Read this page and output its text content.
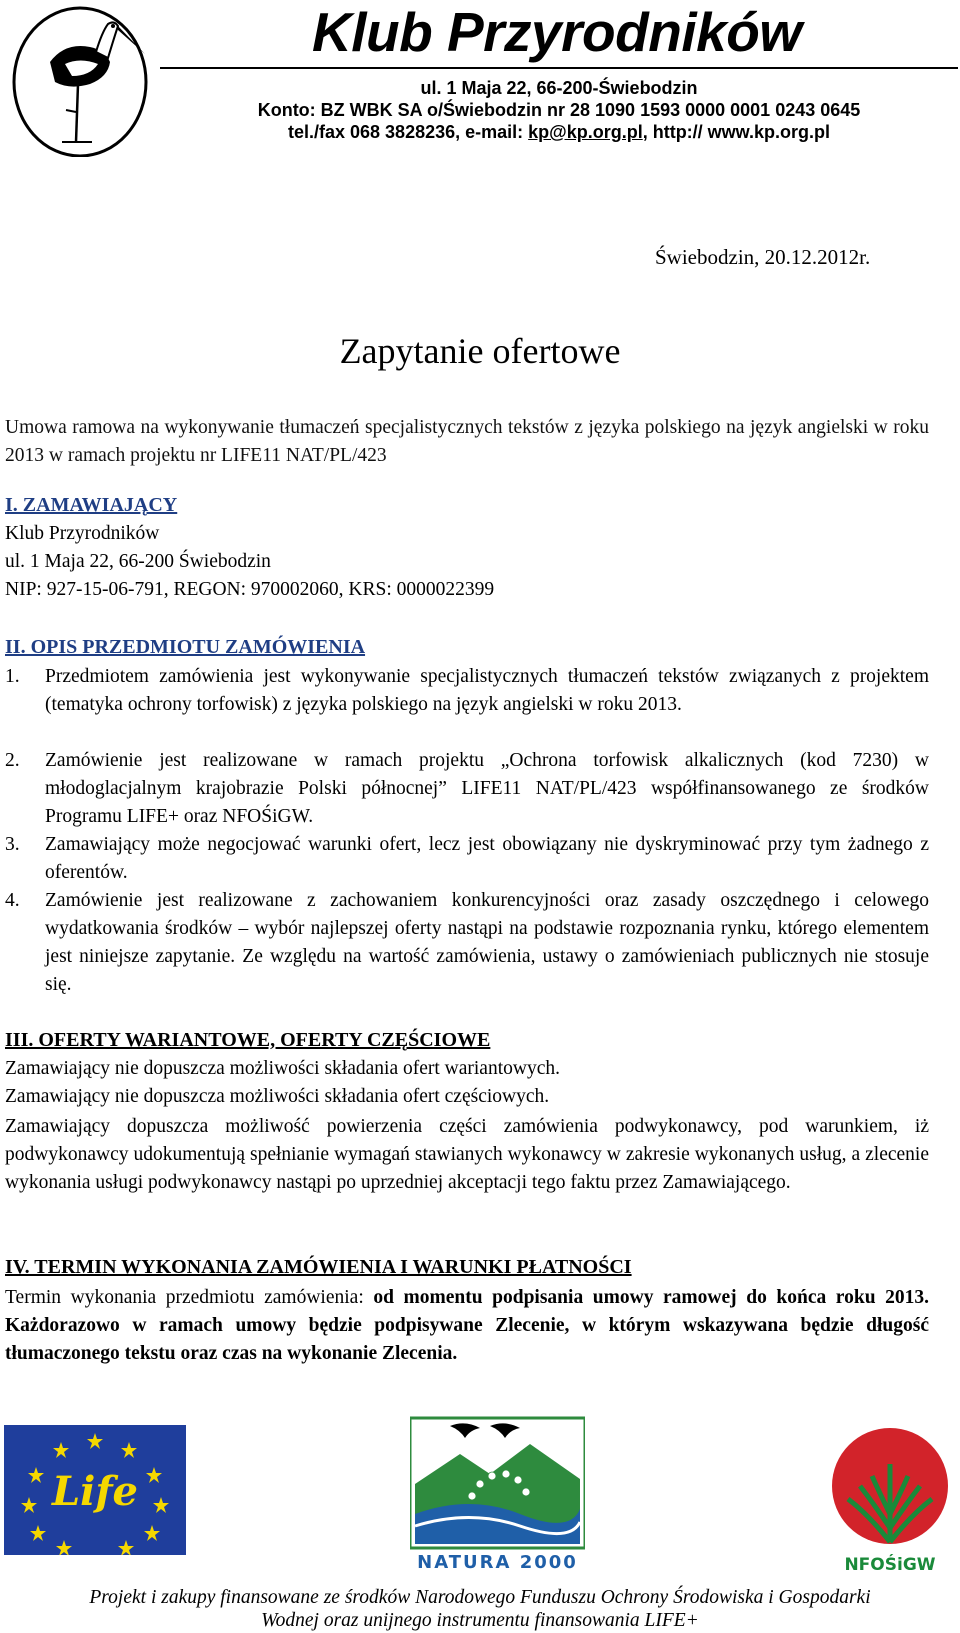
Klub Przyrodników
ul. 1 Maja 22, 66-200-Świebodzin
Konto: BZ WBK SA o/Świebodzin nr 28 1090 1593 0000 0001 0243 0645
tel./fax 068 3828236, e-mail: kp@kp.org.pl, http:// www.kp.org.pl
Świebodzin, 20.12.2012r.
Zapytanie ofertowe
Umowa ramowa na wykonywanie tłumaczeń specjalistycznych tekstów z języka polskiego na język angielski w roku 2013 w ramach projektu nr LIFE11 NAT/PL/423
I. ZAMAWIAJĄCY
Klub Przyrodników
ul. 1 Maja 22, 66-200 Świebodzin
NIP: 927-15-06-791, REGON: 970002060, KRS: 0000022399
II. OPIS PRZEDMIOTU ZAMÓWIENIA
1. Przedmiotem zamówienia jest wykonywanie specjalistycznych tłumaczeń tekstów związanych z projektem (tematyka ochrony torfowisk) z języka polskiego na język angielski w roku 2013.
2. Zamówienie jest realizowane w ramach projektu „Ochrona torfowisk alkalicznych (kod 7230) w młodoglacjalnym krajobrazie Polski północnej” LIFE11 NAT/PL/423 współfinansowanego ze środków Programu LIFE+ oraz NFOŚiGW.
3. Zamawiający może negocjować warunki ofert, lecz jest obowiązany nie dyskryminować przy tym żadnego z oferentów.
4. Zamówienie jest realizowane z zachowaniem konkurencyjności oraz zasady oszczędnego i celowego wydatkowania środków – wybór najlepszej oferty nastąpi na podstawie rozpoznania rynku, którego elementem jest niniejsze zapytanie. Ze względu na wartość zamówienia, ustawy o zamówieniach publicznych nie stosuje się.
III. OFERTY WARIANTOWE, OFERTY CZĘŚCIOWE
Zamawiający nie dopuszcza możliwości składania ofert wariantowych.
Zamawiający nie dopuszcza możliwości składania ofert częściowych.
Zamawiający dopuszcza możliwość powierzenia części zamówienia podwykonawcy, pod warunkiem, iż podwykonawcy udokumentują spełnianie wymagań stawianych wykonawcy w zakresie wykonanych usług, a zlecenie wykonania usługi podwykonawcy nastąpi po uprzedniej akceptacji tego faktu przez Zamawiającego.
IV. TERMIN WYKONANIA ZAMÓWIENIA I WARUNKI PŁATNOŚCI
Termin wykonania przedmiotu zamówienia: od momentu podpisania umowy ramowej do końca roku 2013. Każdorazowo w ramach umowy będzie podpisywane Zlecenie, w którym wskazywana będzie długość tłumaczonego tekstu oraz czas na wykonanie Zlecenia.
Life
NATURA 2000	NFOŚiGW
Projekt i zakupy finansowane ze środków Narodowego Funduszu Ochrony Środowiska i Gospodarki
Wodnej oraz unijnego instrumentu finansowania LIFE+
